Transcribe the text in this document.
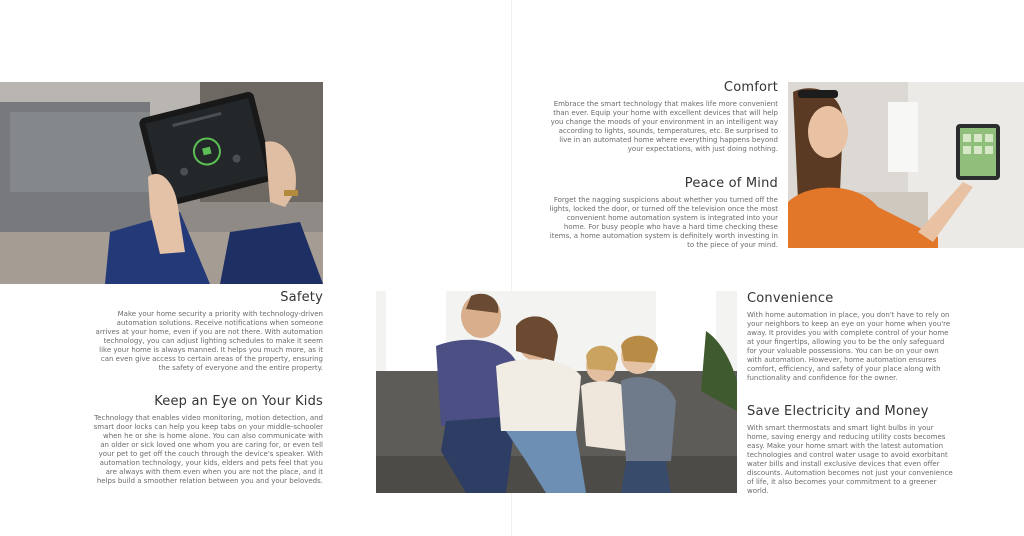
Comfort

Embrace the smart technology that makes life more convenient than ever. Equip your home with excellent devices that will help you change the moods of your environment in an intelligent way according to lights, sounds, temperatures, etc. Be surprised to live in an automated home where everything happens beyond your expectations, with just doing nothing.

Peace of Mind

Forget the nagging suspicions about whether you turned off the lights, locked the door, or turned off the television once the most convenient home automation system is integrated into your home. For busy people who have a hard time checking these items, a home automation system is definitely worth investing in to the piece of your mind.

Safety

Make your home security a priority with technology-driven automation solutions. Receive notifications when someone arrives at your home, even if you are not there. With automation technology, you can adjust lighting schedules to make it seem like your home is always manned. It helps you much more, as it can even give access to certain areas of the property, ensuring the safety of everyone and the entire property.

Keep an Eye on Your Kids

Technology that enables video monitoring, motion detection, and smart door locks can help you keep tabs on your middle-schooler when he or she is home alone. You can also communicate with an older or sick loved one whom you are caring for, or even tell your pet to get off the couch through the device's speaker. With automation technology, your kids, elders and pets feel that you are always with them even when you are not the place, and it helps build a smoother relation between you and your beloveds.

Convenience

With home automation in place, you don't have to rely on your neighbors to keep an eye on your home when you're away. It provides you with complete control of your home at your fingertips, allowing you to be the only safeguard for your valuable possessions. You can be on your own with automation. However, home automation ensures comfort, efficiency, and safety of your place along with functionality and confidence for the owner.

Save Electricity and Money

With smart thermostats and smart light bulbs in your home, saving energy and reducing utility costs becomes easy. Make your home smart with the latest automation technologies and control water usage to avoid exorbitant water bills and install exclusive devices that even offer discounts. Automation becomes not just your convenience of life, it also becomes your commitment to a greener world.
